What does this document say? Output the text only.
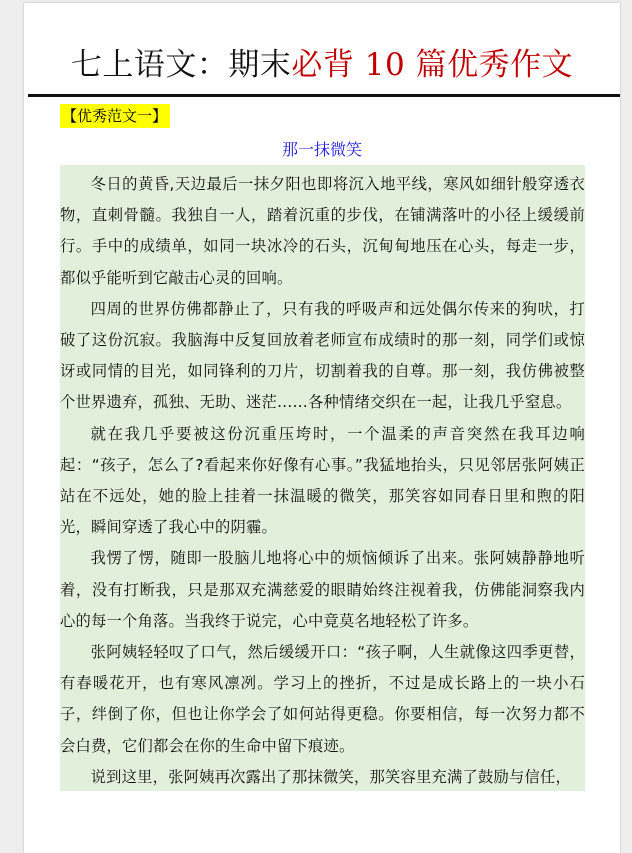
七上语文：期末必背 10 篇优秀作文
【优秀范文一】
那一抹微笑

冬日的黄昏,天边最后一抹夕阳也即将沉入地平线，寒风如细针般穿透衣物，直刺骨髓。我独自一人，踏着沉重的步伐，在铺满落叶的小径上缓缓前行。手中的成绩单，如同一块冰冷的石头，沉甸甸地压在心头，每走一步，都似乎能听到它敲击心灵的回响。

四周的世界仿佛都静止了，只有我的呼吸声和远处偶尔传来的狗吠，打破了这份沉寂。我脑海中反复回放着老师宣布成绩时的那一刻，同学们或惊讶或同情的目光，如同锋利的刀片，切割着我的自尊。那一刻，我仿佛被整个世界遗弃，孤独、无助、迷茫……各种情绪交织在一起，让我几乎窒息。

就在我几乎要被这份沉重压垮时，一个温柔的声音突然在我耳边响起：“孩子，怎么了?看起来你好像有心事。”我猛地抬头，只见邻居张阿姨正站在不远处，她的脸上挂着一抹温暖的微笑，那笑容如同春日里和煦的阳光，瞬间穿透了我心中的阴霾。

我愣了愣，随即一股脑儿地将心中的烦恼倾诉了出来。张阿姨静静地听着，没有打断我，只是那双充满慈爱的眼睛始终注视着我，仿佛能洞察我内心的每一个角落。当我终于说完，心中竟莫名地轻松了许多。

张阿姨轻轻叹了口气，然后缓缓开口：“孩子啊，人生就像这四季更替，有春暖花开，也有寒风凛冽。学习上的挫折，不过是成长路上的一块小石子，绊倒了你，但也让你学会了如何站得更稳。你要相信，每一次努力都不会白费，它们都会在你的生命中留下痕迹。

说到这里，张阿姨再次露出了那抹微笑，那笑容里充满了鼓励与信任，
